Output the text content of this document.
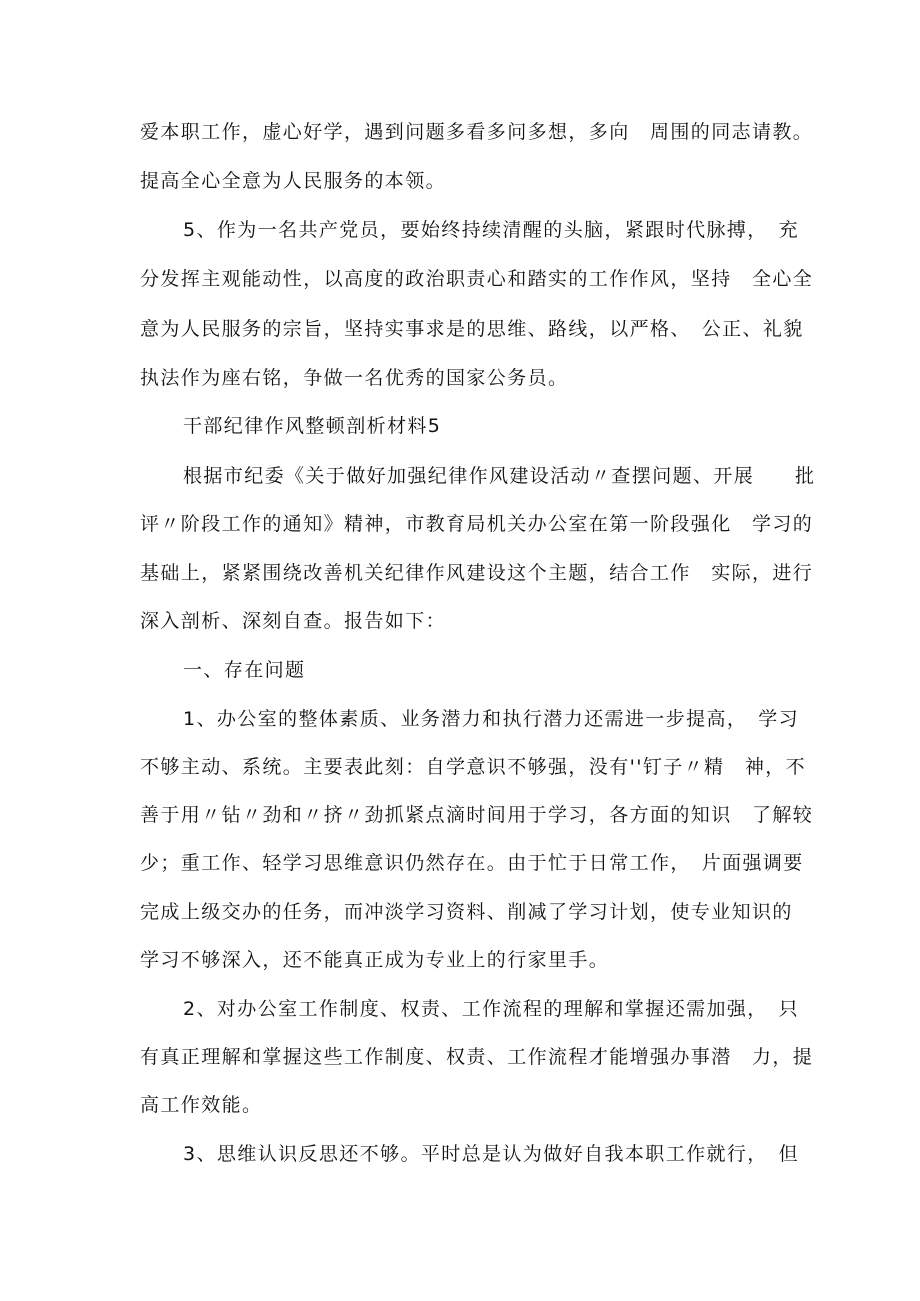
爱本职工作，虚心好学，遇到问题多看多问多想，多向　周围的同志请教。

提高全心全意为人民服务的本领。

5、作为一名共产党员，要始终持续清醒的头脑，紧跟时代脉搏，　充

分发挥主观能动性，以高度的政治职责心和踏实的工作作风，坚持　全心全

意为人民服务的宗旨，坚持实事求是的思维、路线，以严格、　公正、礼貌

执法作为座右铭，争做一名优秀的国家公务员。

干部纪律作风整顿剖析材料5

根据市纪委《关于做好加强纪律作风建设活动〃查摆问题、开展　　批

评〃阶段工作的通知》精神，市教育局机关办公室在第一阶段强化　学习的

基础上，紧紧围绕改善机关纪律作风建设这个主题，结合工作　实际，进行

深入剖析、深刻自查。报告如下：

一、存在问题

1、办公室的整体素质、业务潜力和执行潜力还需进一步提高，　学习

不够主动、系统。主要表此刻：自学意识不够强，没有''钉子〃精　神，不

善于用〃钻〃劲和〃挤〃劲抓紧点滴时间用于学习，各方面的知识　了解较

少；重工作、轻学习思维意识仍然存在。由于忙于日常工作，　片面强调要

完成上级交办的任务，而冲淡学习资料、削减了学习计划，使专业知识的

学习不够深入，还不能真正成为专业上的行家里手。

2、对办公室工作制度、权责、工作流程的理解和掌握还需加强，　只

有真正理解和掌握这些工作制度、权责、工作流程才能增强办事潜　力，提

高工作效能。

3、思维认识反思还不够。平时总是认为做好自我本职工作就行，　但
